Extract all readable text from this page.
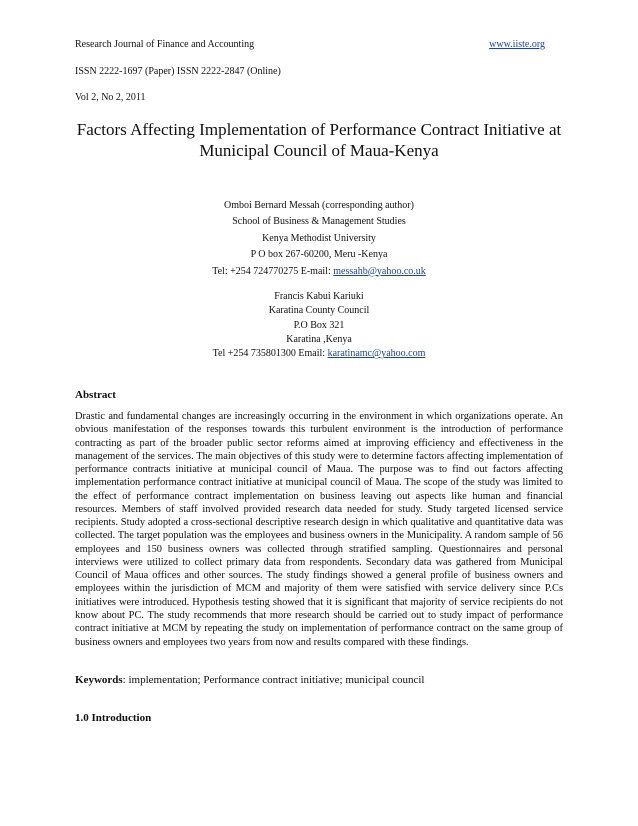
Research Journal of Finance and Accounting	www.iiste.org
ISSN 2222-1697 (Paper) ISSN 2222-2847 (Online)
Vol 2, No 2, 2011
Factors Affecting Implementation of Performance Contract Initiative at Municipal Council of Maua-Kenya
Omboi Bernard Messah (corresponding author)
School of Business & Management Studies
Kenya Methodist University
P O box 267-60200, Meru -Kenya
Tel: +254 724770275 E-mail: messahb@yahoo.co.uk
Francis Kabui Kariuki
Karatina County Council
P.O Box 321
Karatina ,Kenya
Tel +254 735801300 Email: karatinamc@yahoo.com
Abstract
Drastic and fundamental changes are increasingly occurring in the environment in which organizations operate. An obvious manifestation of the responses towards this turbulent environment is the introduction of performance contracting as part of the broader public sector reforms aimed at improving efficiency and effectiveness in the management of the services. The main objectives of this study were to determine factors affecting implementation of performance contracts initiative at municipal council of Maua. The purpose was to find out factors affecting implementation performance contract initiative at municipal council of Maua. The scope of the study was limited to the effect of performance contract implementation on business leaving out aspects like human and financial resources. Members of staff involved provided research data needed for study. Study targeted licensed service recipients. Study adopted a cross-sectional descriptive research design in which qualitative and quantitative data was collected. The target population was the employees and business owners in the Municipality. A random sample of 56 employees and 150 business owners was collected through stratified sampling. Questionnaires and personal interviews were utilized to collect primary data from respondents. Secondary data was gathered from Municipal Council of Maua offices and other sources. The study findings showed a general profile of business owners and employees within the jurisdiction of MCM and majority of them were satisfied with service delivery since P.Cs initiatives were introduced. Hypothesis testing showed that it is significant that majority of service recipients do not know about PC. The study recommends that more research should be carried out to study impact of performance contract initiative at MCM by repeating the study on implementation of performance contract on the same group of business owners and employees two years from now and results compared with these findings.
Keywords: implementation; Performance contract initiative; municipal council
1.0 Introduction
